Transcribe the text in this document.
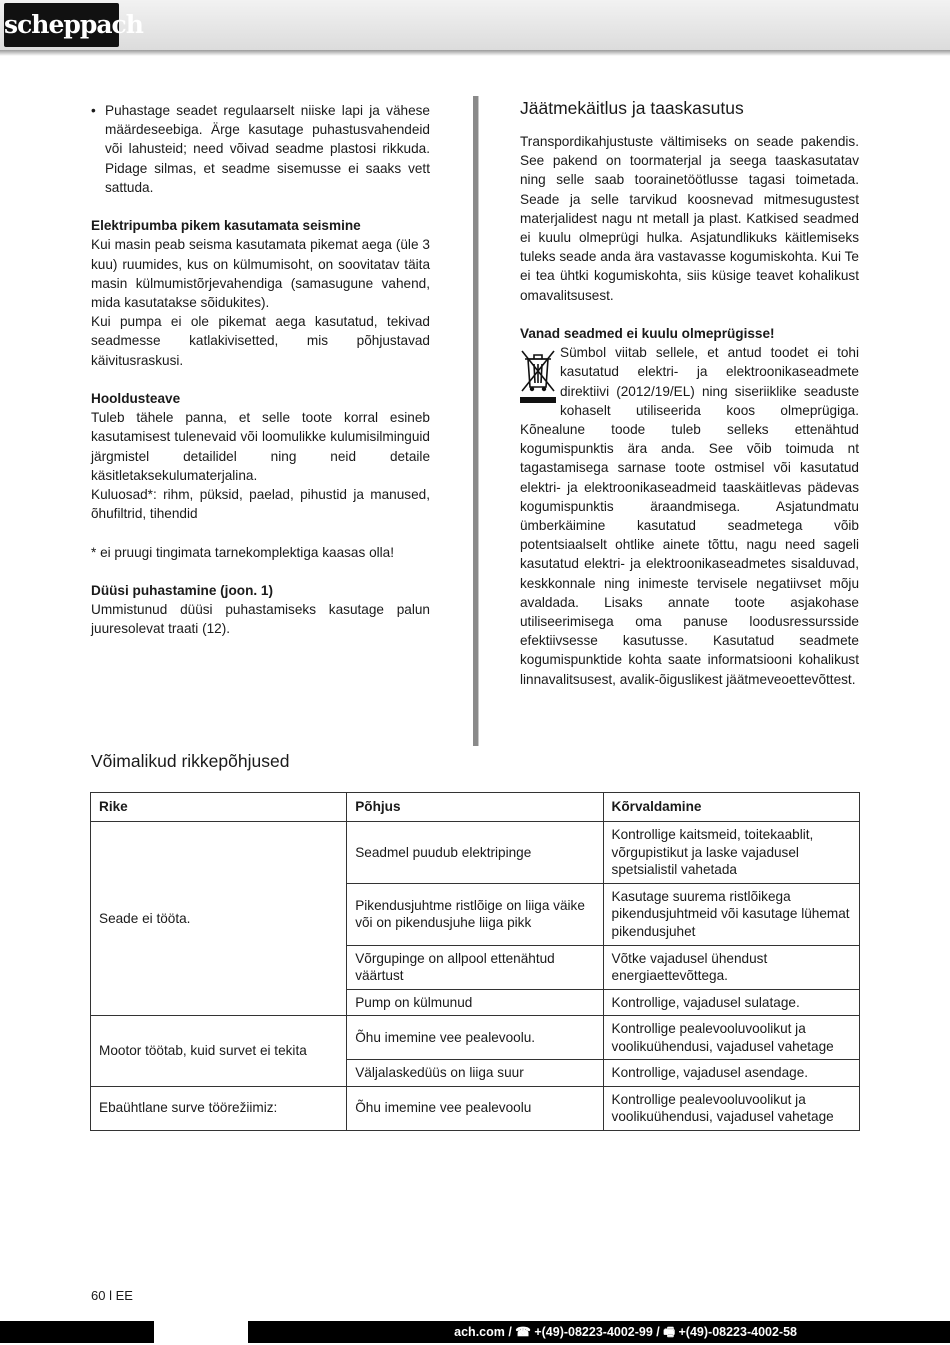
scheppach

• Puhastage seadet regulaarselt niiske lapi ja vähese määrdeseebiga. Ärge kasutage puhastusvahendeid või lahusteid; need võivad seadme plastosi rikkuda. Pidage silmas, et seadme sisemusse ei saaks vett sattuda.

Elektripumba pikem kasutamata seismine

Kui masin peab seisma kasutamata pikemat aega (üle 3 kuu) ruumides, kus on külmumisoht, on soovitatav täita masin külmumistõrjevahendiga (samasugune vahend, mida kasutatakse sõidukites).

Kui pumpa ei ole pikemat aega kasutatud, tekivad seadmesse katlakivisetted, mis põhjustavad käivitusraskusi.

Hooldusteave

Tuleb tähele panna, et selle toote korral esineb kasutamisest tulenevaid või loomulikke kulumisilminguid järgmistel detailidel ning neid detaile käsitletaksekulumaterjalina.

Kuluosad*: rihm, püksid, paelad, pihustid ja manused, õhufiltrid, tihendid

* ei pruugi tingimata tarnekomplektiga kaasas olla!

Düüsi puhastamine (joon. 1)

Ummistunud düüsi puhastamiseks kasutage palun juuresolevat traati (12).

Jäätmekäitlus ja taaskasutus

Transpordikahjustuste vältimiseks on seade pakendis. See pakend on toormaterjal ja seega taaskasutatav ning selle saab toorainetöötlusse tagasi toimetada. Seade ja selle tarvikud koosnevad mitmesugustest materjalidest nagu nt metall ja plast. Katkised seadmed ei kuulu olmeprügi hulka. Asjatundlikuks käitlemiseks tuleks seade anda ära vastavasse kogumiskohta. Kui Te ei tea ühtki kogumiskohta, siis küsige teavet kohalikust omavalitsusest.

Vanad seadmed ei kuulu olmeprügisse!

Sümbol viitab sellele, et antud toodet ei tohi kasutatud elektri- ja elektroonikaseadmete direktiivi (2012/19/EL) ning siseriiklike seaduste kohaselt utiliseerida koos olmeprügiga. Kõnealune toode tuleb selleks ettenähtud kogumispunktis ära anda. See võib toimuda nt tagastamisega sarnase toote ostmisel või kasutatud elektri- ja elektroonikaseadmeid taaskäitlevas pädevas kogumispunktis äraandmisega. Asjatundmatu ümberkäimine kasutatud seadmetega võib potentsiaalselt ohtlike ainete tõttu, nagu need sageli kasutatud elektri- ja elektroonikaseadmetes sisalduvad, keskkonnale ning inimeste tervisele negatiivset mõju avaldada. Lisaks annate toote asjakohase utiliseerimisega oma panuse loodusressursside efektiivsesse kasutusse. Kasutatud seadmete kogumispunktide kohta saate informatsiooni kohalikust linnavalitsusest, avalik-õiguslikest jäätmeveoettevõttest.

Võimalikud rikkepõhjused
Rike	Põhjus	Kõrvaldamine
Seade ei tööta.	Seadmel puudub elektripinge	Kontrollige kaitsmeid, toitekaablit, võrgupistikut ja laske vajadusel spetsialistil vahetada
	Pikendusjuhtme ristlõige on liiga väike või on pikendusjuhe liiga pikk	Kasutage suurema ristlõikega pikendusjuhtmeid või kasutage lühemat pikendusjuhet
	Võrgupinge on allpool ettenähtud väärtust	Võtke vajadusel ühendust energiaettevõttega.
	Pump on külmunud	Kontrollige, vajadusel sulatage.
Mootor töötab, kuid survet ei tekita	Õhu imemine vee pealevoolu.	Kontrollige pealevooluvoolikut ja voolikuühendusi, vajadusel vahetage
	Väljalaskedüüs on liiga suur	Kontrollige, vajadusel asendage.
Ebaühtlane surve töörežiimiz:	Õhu imemine vee pealevoolu	Kontrollige pealevooluvoolikut ja voolikuühendusi, vajadusel vahetage
60 l EE
ach.com / ☎ +(49)-08223-4002-99 / 🖷 +(49)-08223-4002-58
